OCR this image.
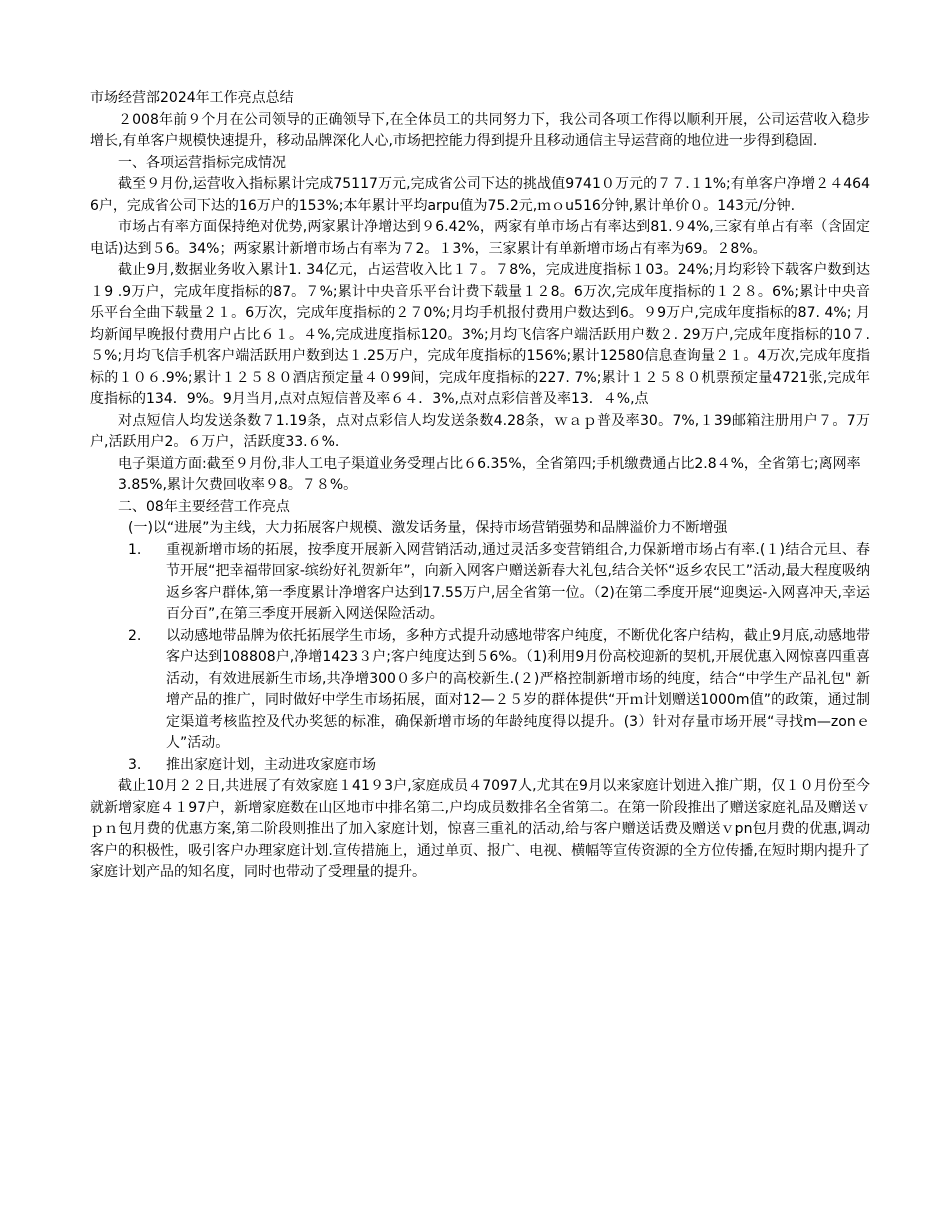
市场经营部2024年工作亮点总结

２008年前９个月在公司领导的正确领导下,在全体员工的共同努力下，我公司各项工作得以顺利开展，公司运营收入稳步增长,有单客户规模快速提升，移动品牌深化人心,市场把控能力得到提升且移动通信主导运营商的地位进一步得到稳固.

一、各项运营指标完成情况

截至９月份,运营收入指标累计完成75117万元,完成省公司下达的挑战值9741０万元的７７.１1%;有单客户净增２４4646户，完成省公司下达的16万户的153%;本年累计平均arpu值为75.2元,ｍｏu516分钟,累计单价０。143元/分钟.

市场占有率方面保持绝对优势,两家累计净增达到９6.42%，两家有单市场占有率达到81.９4%,三家有单占有率（含固定电话)达到５6。34%；两家累计新增市场占有率为７2。１3%，三家累计有单新增市场占有率为69。２8%。

截止9月,数据业务收入累计1. 34亿元，占运营收入比１７。７8%，完成进度指标１03。24%;月均彩铃下载客户数到达１9 .9万户，完成年度指标的87。７%;累计中央音乐平台计费下载量１２8。6万次,完成年度指标的１２８。6%;累计中央音乐平台全曲下载量２１。6万次，完成年度指标的２７0%;月均手机报付费用户数达到6。９9万户,完成年度指标的87. 4%; 月均新闻早晚报付费用户占比６１。４%,完成进度指标120。3%;月均飞信客户端活跃用户数２. 29万户,完成年度指标的10７.５%;月均飞信手机客户端活跃用户数到达１.25万户，完成年度指标的156%;累计12580信息查询量２１。4万次,完成年度指标的１０６.9%;累计１２５８０酒店预定量４０99间，完成年度指标的227. 7%;累计１２５８０机票预定量4721张,完成年度指标的134．9%。9月当月,点对点短信普及率６４．3%,点对点彩信普及率13．４%,点

对点短信人均发送条数７1.19条，点对点彩信人均发送条数4.28条，ｗａｐ普及率30。7%,１39邮箱注册用户７。7万户,活跃用户2。６万户，活跃度33.６%.

电子渠道方面:截至９月份,非人工电子渠道业务受理占比６6.35%，全省第四;手机缴费通占比2.8４%，全省第七;离网率

3.85%,累计欠费回收率９8。７８%。

二、08年主要经营工作亮点

(一)以“进展”为主线，大力拓展客户规模、激发话务量，保持市场营销强势和品牌溢价力不断增强

1. 重视新增市场的拓展，按季度开展新入网营销活动,通过灵活多变营销组合,力保新增市场占有率.(１)结合元旦、春节开展“把幸福带回家-缤纷好礼贺新年”，向新入网客户赠送新春大礼包,结合关怀“返乡农民工”活动,最大程度吸纳返乡客户群体,第一季度累计净增客户达到17.55万户,居全省第一位。（2)在第二季度开展“迎奥运-入网喜冲天,幸运百分百”,在第三季度开展新入网送保险活动。

2. 以动感地带品牌为依托拓展学生市场，多种方式提升动感地带客户纯度，不断优化客户结构，截止9月底,动感地带客户达到108808户,净增1423３户;客户纯度达到５6%。（1)利用9月份高校迎新的契机,开展优惠入网惊喜四重喜活动，有效进展新生市场,共净增300０多户的高校新生.(２)严格控制新增市场的纯度，结合“中学生产品礼包" 新增产品的推广，同时做好中学生市场拓展，面对12—２５岁的群体提供“开ｍ计划赠送1000m值”的政策，通过制定渠道考核监控及代办奖惩的标准，确保新增市场的年龄纯度得以提升。(3）针对存量市场开展“寻找m—zonｅ人”活动。

3. 推出家庭计划，主动进攻家庭市场

截止10月２２日,共进展了有效家庭１41９3户,家庭成员４7097人,尤其在9月以来家庭计划进入推广期，仅１０月份至今就新增家庭４１97户，新增家庭数在山区地市中排名第二,户均成员数排名全省第二。在第一阶段推出了赠送家庭礼品及赠送ｖｐｎ包月费的优惠方案,第二阶段则推出了加入家庭计划，惊喜三重礼的活动,给与客户赠送话费及赠送ｖpn包月费的优惠,调动客户的积极性，吸引客户办理家庭计划.宣传措施上，通过单页、报广、电视、横幅等宣传资源的全方位传播,在短时期内提升了家庭计划产品的知名度，同时也带动了受理量的提升。
